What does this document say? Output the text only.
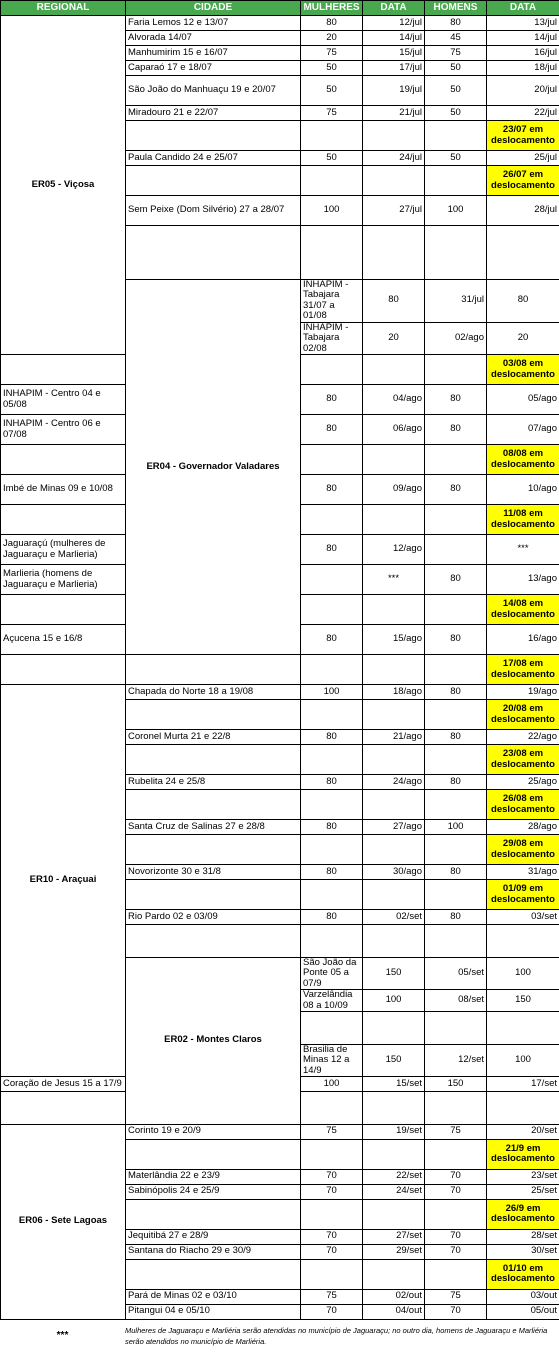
REGIONAL	CIDADE	MULHERES	DATA	HOMENS	DATA	
ER05 - Viçosa	Faria Lemos 12 e 13/07	80	12/jul	80	13/jul	
	Alvorada 14/07	20	14/jul	45	14/jul	
	Manhumirim 15 e 16/07	75	15/jul	75	16/jul	
	Caparaó 17 e 18/07	50	17/jul	50	18/jul	
	São João do Manhuaçu 19 e 20/07	50	19/jul	50	20/jul	
	Miradouro 21 e 22/07	75	21/jul	50	22/jul	
					23/07 em deslocamento	
	Paula Candido 24 e 25/07	50	24/jul	50	25/jul	
					26/07 em deslocamento	
	Sem Peixe (Dom Silvério) 27 a 28/07	100	27/jul	100	28/jul	

	ER04 - Governador Valadares	INHAPIM - Tabajara 31/07 a 01/08	80	31/jul	80	
		INHAPIM - Tabajara 02/08	20	02/ago	20	
					03/08 em deslocamento	
INHAPIM - Centro 04 e 05/08		80	04/ago	80	05/ago	
INHAPIM - Centro 06 e 07/08		80	06/ago	80	07/ago	
					08/08 em deslocamento	
Imbé de Minas 09 e 10/08		80	09/ago	80	10/ago	
					11/08 em deslocamento	
Jaguaraçú (mulheres de Jaguaraçu e Marlieria)		80	12/ago		***	
Marlieria (homens de Jaguaraçu e Marlieria)			***	80	13/ago	
					14/08 em deslocamento	
Açucena 15 e 16/8		80	15/ago	80	16/ago	
					17/08 em deslocamento	
ER10 - Araçuai	Chapada do Norte 18 a 19/08	100	18/ago	80	19/ago	
					20/08 em deslocamento	
	Coronel Murta 21 e 22/8	80	21/ago	80	22/ago	
					23/08 em deslocamento	
	Rubelita 24 e 25/8	80	24/ago	80	25/ago	
					26/08 em deslocamento	
	Santa Cruz de Salinas 27 e 28/8	80	27/ago	100	28/ago	
					29/08 em deslocamento	
	Novorizonte 30 e 31/8	80	30/ago	80	31/ago	
					01/09 em deslocamento	
	Rio Pardo 02 e 03/09	80	02/set	80	03/set	

	ER02 - Montes Claros	São João da Ponte 05 a 07/9	150	05/set	100	
		Varzelândia 08 a 10/09	100	08/set	150	

		Brasilia de Minas 12 a 14/9	150	12/set	100	
Coração de Jesus 15 a 17/9		100	15/set	150	17/set	

ER06 - Sete Lagoas	Corinto 19 e 20/9	75	19/set	75	20/set	
					21/9 em deslocamento	
	Materlândia 22 e 23/9	70	22/set	70	23/set	
	Sabinópolis 24 e 25/9	70	24/set	70	25/set	
					26/9 em deslocamento	
	Jequitibá 27 e 28/9	70	27/set	70	28/set	
	Santana do Riacho 29 e 30/9	70	29/set	70	30/set	
					01/10 em deslocamento	
	Pará de Minas 02 e 03/10	75	02/out	75	03/out	
	Pitangui 04 e 05/10	70	04/out	70	05/out	
***	Mulheres de Jaguaraçu e Marliéria serão atendidas no município de Jaguaraçu; no outro dia, homens de Jaguaraçu e Marliéria serão atendidos no município de Marliéria.
